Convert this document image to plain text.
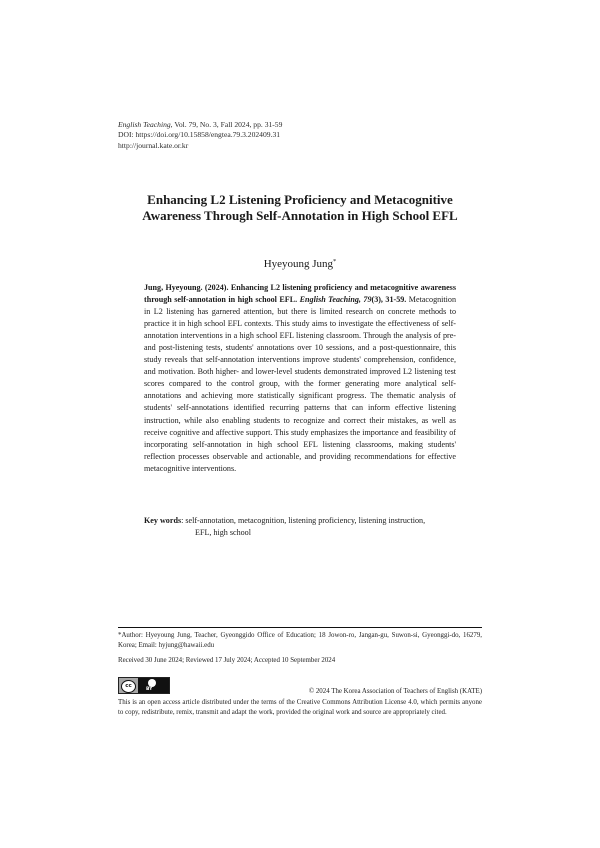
English Teaching, Vol. 79, No. 3, Fall 2024, pp. 31-59
DOI: https://doi.org/10.15858/engtea.79.3.202409.31
http://journal.kate.or.kr
Enhancing L2 Listening Proficiency and Metacognitive
Awareness Through Self-Annotation in High School EFL
Hyeyoung Jung*
Jung, Hyeyoung. (2024). Enhancing L2 listening proficiency and metacognitive awareness through self-annotation in high school EFL. English Teaching, 79(3), 31-59. Metacognition in L2 listening has garnered attention, but there is limited research on concrete methods to practice it in high school EFL contexts. This study aims to investigate the effectiveness of self-annotation interventions in a high school EFL listening classroom. Through the analysis of pre- and post-listening tests, students' annotations over 10 sessions, and a post-questionnaire, this study reveals that self-annotation interventions improve students' comprehension, confidence, and motivation. Both higher- and lower-level students demonstrated improved L2 listening test scores compared to the control group, with the former generating more analytical self-annotations and achieving more statistically significant progress. The thematic analysis of students' self-annotations identified recurring patterns that can inform effective listening instruction, while also enabling students to recognize and correct their mistakes, as well as receive cognitive and affective support. This study emphasizes the importance and feasibility of incorporating self-annotation in high school EFL listening classrooms, making students' reflection processes observable and actionable, and providing recommendations for effective metacognitive interventions.
Key words: self-annotation, metacognition, listening proficiency, listening instruction,
EFL, high school
*Author: Hyeyoung Jung, Teacher, Gyeonggido Office of Education; 18 Jowon-ro, Jangan-gu, Suwon-si, Gyeonggi-do, 16279, Korea; Email: hyjung@hawaii.edu
Received 30 June 2024; Reviewed 17 July 2024; Accepted 10 September 2024
cc
BY	© 2024 The Korea Association of Teachers of English (KATE)
This is an open access article distributed under the terms of the Creative Commons Attribution License 4.0, which permits anyone to copy, redistribute, remix, transmit and adapt the work, provided the original work and source are appropriately cited.
